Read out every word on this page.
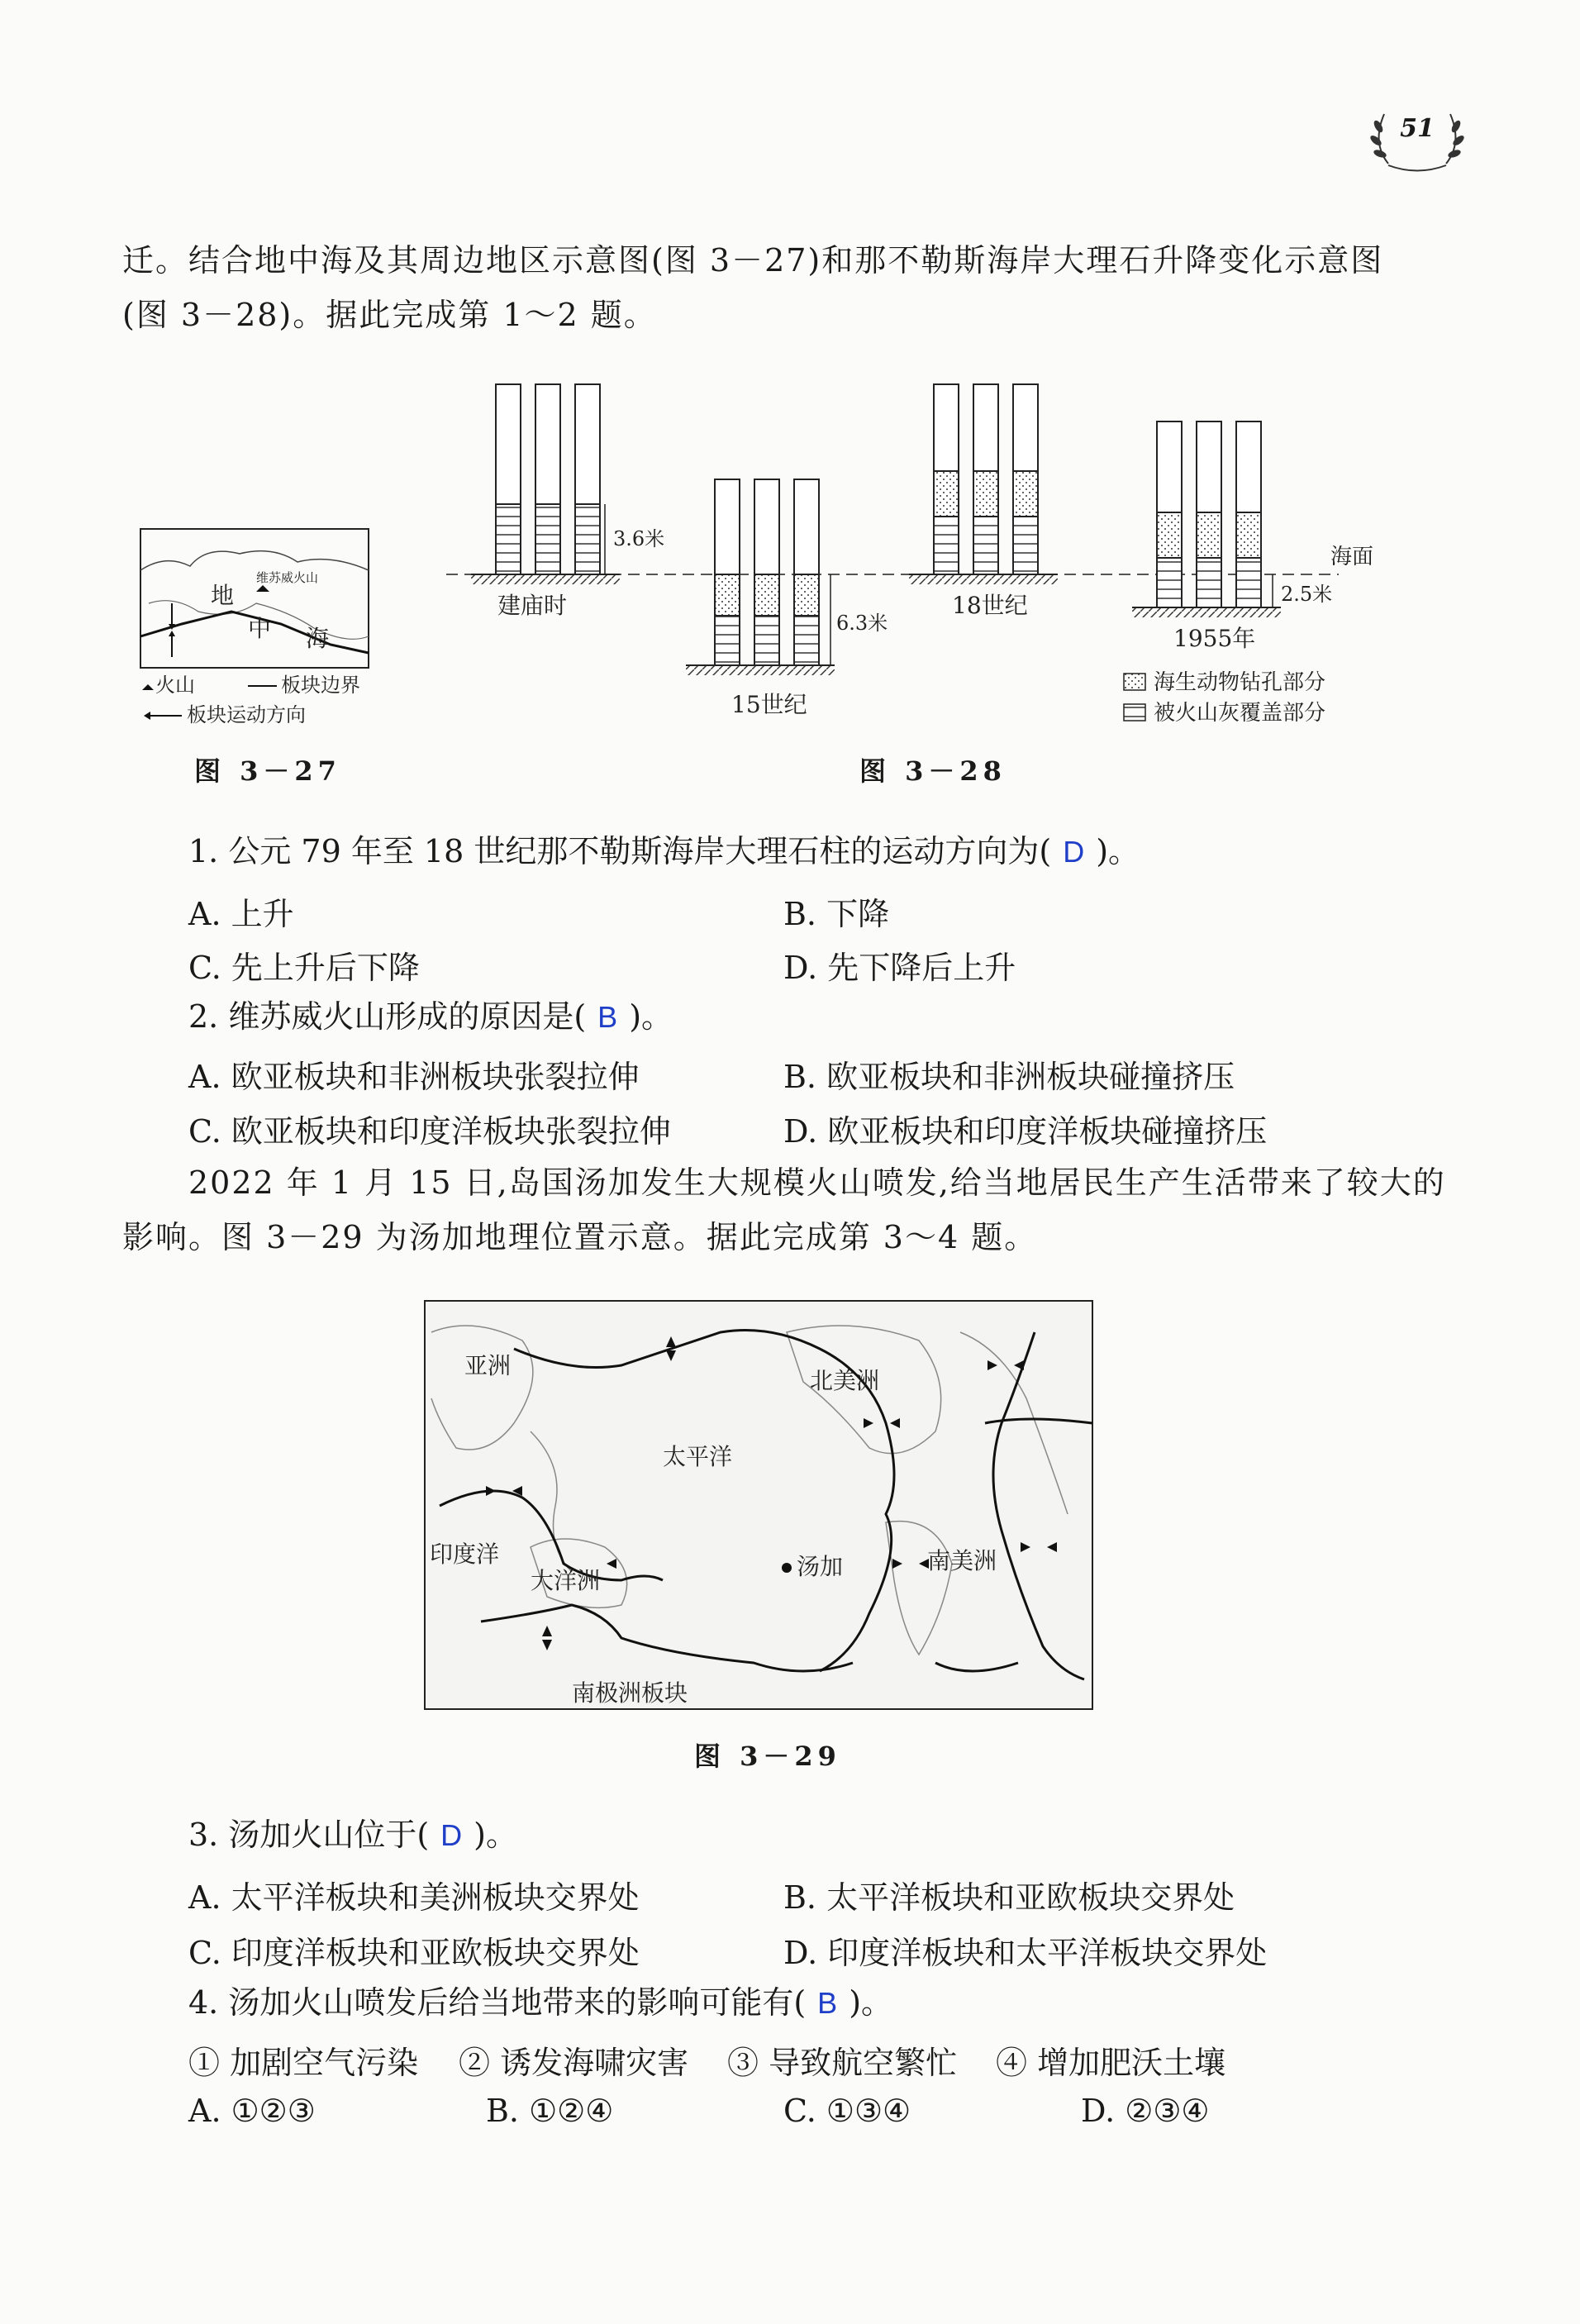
51
迁。结合地中海及其周边地区示意图(图 3－27)和那不勒斯海岸大理石升降变化示意图
(图 3－28)。据此完成第 1～2 题。
地
中 海
维苏威火山
火山	板块边界
板块运动方向
图 3－27
海面
3.6米
建庙时
6.3米
15世纪
18世纪	2.5米
1955年
海生动物钻孔部分
被火山灰覆盖部分
图 3－28
1. 公元 79 年至 18 世纪那不勒斯海岸大理石柱的运动方向为( D )。
A. 上升	B. 下降
C. 先上升后下降	D. 先下降后上升
2. 维苏威火山形成的原因是( B )。
A. 欧亚板块和非洲板块张裂拉伸	B. 欧亚板块和非洲板块碰撞挤压
C. 欧亚板块和印度洋板块张裂拉伸	D. 欧亚板块和印度洋板块碰撞挤压
2022 年 1 月 15 日,岛国汤加发生大规模火山喷发,给当地居民生产生活带来了较大的
影响。图 3－29 为汤加地理位置示意。据此完成第 3～4 题。
亚洲
北美洲
太平洋
印度洋
大洋洲
汤加	南美洲
南极洲板块
图 3－29
3. 汤加火山位于( D )。
A. 太平洋板块和美洲板块交界处	B. 太平洋板块和亚欧板块交界处
C. 印度洋板块和亚欧板块交界处	D. 印度洋板块和太平洋板块交界处
4. 汤加火山喷发后给当地带来的影响可能有( B )。
① 加剧空气污染 ② 诱发海啸灾害 ③ 导致航空繁忙 ④ 增加肥沃土壤
A. ①②③	B. ①②④	C. ①③④	D. ②③④
